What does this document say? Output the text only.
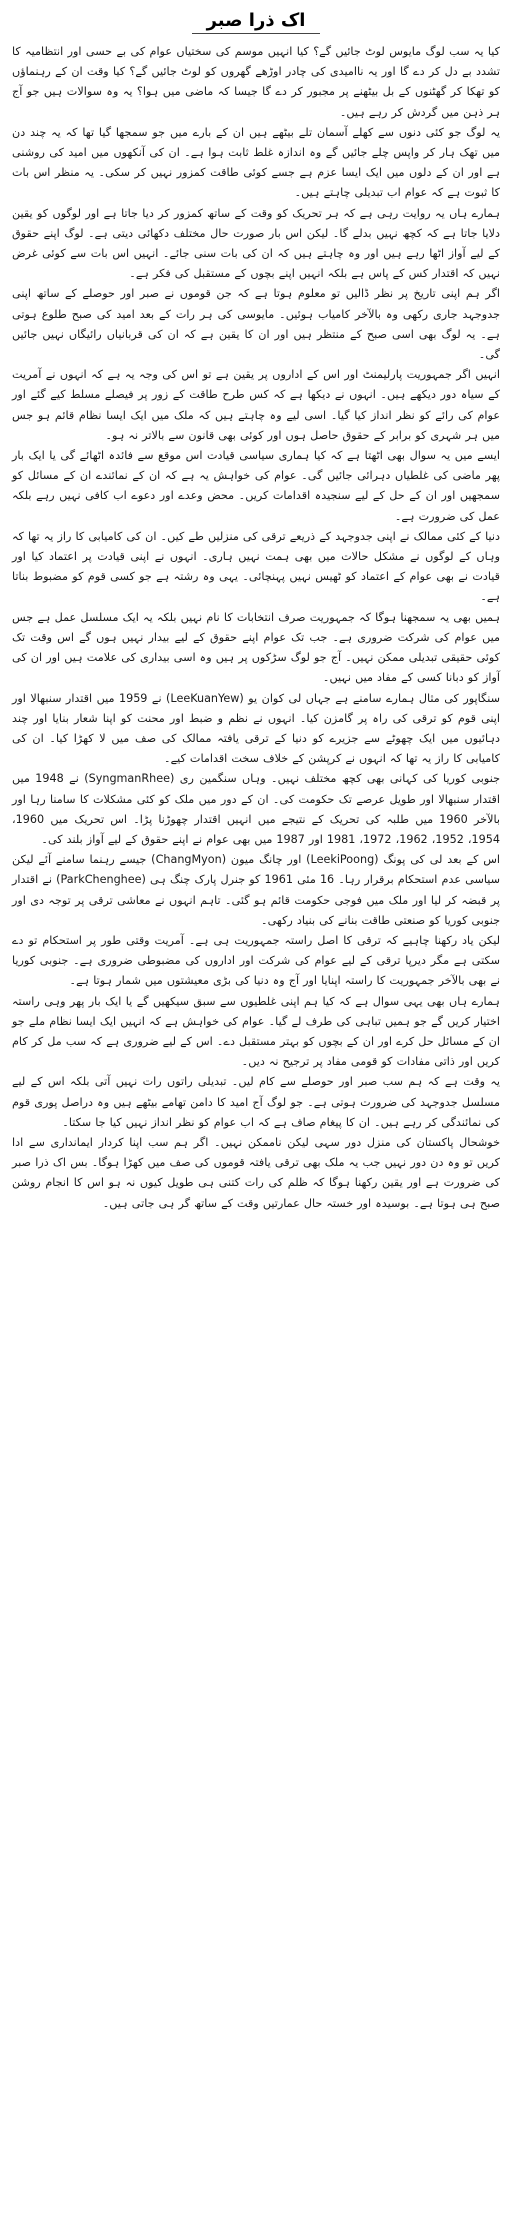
اک ذرا صبر

کیا یہ سب لوگ مایوس لوٹ جائیں گے؟ کیا انہیں موسم کی سختیاں عوام کی بے حسی اور انتظامیہ کا تشدد بے دل کر دے گا اور یہ ناامیدی کی چادر اوڑھے گھروں کو لوٹ جائیں گے؟ کیا وقت ان کے رہنماؤں کو تھکا کر گھٹنوں کے بل بیٹھنے پر مجبور کر دے گا جیسا کہ ماضی میں ہوا؟ یہ وہ سوالات ہیں جو آج ہر ذہن میں گردش کر رہے ہیں۔

یہ لوگ جو کئی دنوں سے کھلے آسمان تلے بیٹھے ہیں ان کے بارے میں جو سمجھا گیا تھا کہ یہ چند دن میں تھک ہار کر واپس چلے جائیں گے وہ اندازہ غلط ثابت ہوا ہے۔ ان کی آنکھوں میں امید کی روشنی ہے اور ان کے دلوں میں ایک ایسا عزم ہے جسے کوئی طاقت کمزور نہیں کر سکی۔ یہ منظر اس بات کا ثبوت ہے کہ عوام اب تبدیلی چاہتے ہیں۔

ہمارے ہاں یہ روایت رہی ہے کہ ہر تحریک کو وقت کے ساتھ کمزور کر دیا جاتا ہے اور لوگوں کو یقین دلایا جاتا ہے کہ کچھ نہیں بدلے گا۔ لیکن اس بار صورت حال مختلف دکھائی دیتی ہے۔ لوگ اپنے حقوق کے لیے آواز اٹھا رہے ہیں اور وہ چاہتے ہیں کہ ان کی بات سنی جائے۔ انہیں اس بات سے کوئی غرض نہیں کہ اقتدار کس کے پاس ہے بلکہ انہیں اپنے بچوں کے مستقبل کی فکر ہے۔

اگر ہم اپنی تاریخ پر نظر ڈالیں تو معلوم ہوتا ہے کہ جن قوموں نے صبر اور حوصلے کے ساتھ اپنی جدوجہد جاری رکھی وہ بالآخر کامیاب ہوئیں۔ مایوسی کی ہر رات کے بعد امید کی صبح طلوع ہوتی ہے۔ یہ لوگ بھی اسی صبح کے منتظر ہیں اور ان کا یقین ہے کہ ان کی قربانیاں رائیگاں نہیں جائیں گی۔

انہیں اگر جمہوریت پارلیمنٹ اور اس کے اداروں پر یقین ہے تو اس کی وجہ یہ ہے کہ انہوں نے آمریت کے سیاہ دور دیکھے ہیں۔ انہوں نے دیکھا ہے کہ کس طرح طاقت کے زور پر فیصلے مسلط کیے گئے اور عوام کی رائے کو نظر انداز کیا گیا۔ اسی لیے وہ چاہتے ہیں کہ ملک میں ایک ایسا نظام قائم ہو جس میں ہر شہری کو برابر کے حقوق حاصل ہوں اور کوئی بھی قانون سے بالاتر نہ ہو۔

ایسے میں یہ سوال بھی اٹھتا ہے کہ کیا ہماری سیاسی قیادت اس موقع سے فائدہ اٹھائے گی یا ایک بار پھر ماضی کی غلطیاں دہرائی جائیں گی۔ عوام کی خواہش یہ ہے کہ ان کے نمائندے ان کے مسائل کو سمجھیں اور ان کے حل کے لیے سنجیدہ اقدامات کریں۔ محض وعدے اور دعوے اب کافی نہیں رہے بلکہ عمل کی ضرورت ہے۔

دنیا کے کئی ممالک نے اپنی جدوجہد کے ذریعے ترقی کی منزلیں طے کیں۔ ان کی کامیابی کا راز یہ تھا کہ وہاں کے لوگوں نے مشکل حالات میں بھی ہمت نہیں ہاری۔ انہوں نے اپنی قیادت پر اعتماد کیا اور قیادت نے بھی عوام کے اعتماد کو ٹھیس نہیں پہنچائی۔ یہی وہ رشتہ ہے جو کسی قوم کو مضبوط بناتا ہے۔

ہمیں بھی یہ سمجھنا ہوگا کہ جمہوریت صرف انتخابات کا نام نہیں بلکہ یہ ایک مسلسل عمل ہے جس میں عوام کی شرکت ضروری ہے۔ جب تک عوام اپنے حقوق کے لیے بیدار نہیں ہوں گے اس وقت تک کوئی حقیقی تبدیلی ممکن نہیں۔ آج جو لوگ سڑکوں پر ہیں وہ اسی بیداری کی علامت ہیں اور ان کی آواز کو دبانا کسی کے مفاد میں نہیں۔

سنگاپور کی مثال ہمارے سامنے ہے جہاں لی کوان یو (LeeKuanYew) نے 1959 میں اقتدار سنبھالا اور اپنی قوم کو ترقی کی راہ پر گامزن کیا۔ انہوں نے نظم و ضبط اور محنت کو اپنا شعار بنایا اور چند دہائیوں میں ایک چھوٹے سے جزیرے کو دنیا کے ترقی یافتہ ممالک کی صف میں لا کھڑا کیا۔ ان کی کامیابی کا راز یہ تھا کہ انہوں نے کرپشن کے خلاف سخت اقدامات کیے۔

جنوبی کوریا کی کہانی بھی کچھ مختلف نہیں۔ وہاں سنگمین ری (SyngmanRhee) نے 1948 میں اقتدار سنبھالا اور طویل عرصے تک حکومت کی۔ ان کے دور میں ملک کو کئی مشکلات کا سامنا رہا اور بالآخر 1960 میں طلبہ کی تحریک کے نتیجے میں انہیں اقتدار چھوڑنا پڑا۔ اس تحریک میں 1960، 1954، 1952، 1962، 1972، 1981 اور 1987 میں بھی عوام نے اپنے حقوق کے لیے آواز بلند کی۔

اس کے بعد لی کی پونگ (LeekiPoong) اور چانگ میون (ChangMyon) جیسے رہنما سامنے آئے لیکن سیاسی عدم استحکام برقرار رہا۔ 16 مئی 1961 کو جنرل پارک چنگ ہی (ParkChenghee) نے اقتدار پر قبضہ کر لیا اور ملک میں فوجی حکومت قائم ہو گئی۔ تاہم انہوں نے معاشی ترقی پر توجہ دی اور جنوبی کوریا کو صنعتی طاقت بنانے کی بنیاد رکھی۔

لیکن یاد رکھنا چاہیے کہ ترقی کا اصل راستہ جمہوریت ہی ہے۔ آمریت وقتی طور پر استحکام تو دے سکتی ہے مگر دیرپا ترقی کے لیے عوام کی شرکت اور اداروں کی مضبوطی ضروری ہے۔ جنوبی کوریا نے بھی بالآخر جمہوریت کا راستہ اپنایا اور آج وہ دنیا کی بڑی معیشتوں میں شمار ہوتا ہے۔

ہمارے ہاں بھی یہی سوال ہے کہ کیا ہم اپنی غلطیوں سے سبق سیکھیں گے یا ایک بار پھر وہی راستہ اختیار کریں گے جو ہمیں تباہی کی طرف لے گیا۔ عوام کی خواہش ہے کہ انہیں ایک ایسا نظام ملے جو ان کے مسائل حل کرے اور ان کے بچوں کو بہتر مستقبل دے۔ اس کے لیے ضروری ہے کہ سب مل کر کام کریں اور ذاتی مفادات کو قومی مفاد پر ترجیح نہ دیں۔

یہ وقت ہے کہ ہم سب صبر اور حوصلے سے کام لیں۔ تبدیلی راتوں رات نہیں آتی بلکہ اس کے لیے مسلسل جدوجہد کی ضرورت ہوتی ہے۔ جو لوگ آج امید کا دامن تھامے بیٹھے ہیں وہ دراصل پوری قوم کی نمائندگی کر رہے ہیں۔ ان کا پیغام صاف ہے کہ اب عوام کو نظر انداز نہیں کیا جا سکتا۔

خوشحال پاکستان کی منزل دور سہی لیکن ناممکن نہیں۔ اگر ہم سب اپنا کردار ایمانداری سے ادا کریں تو وہ دن دور نہیں جب یہ ملک بھی ترقی یافتہ قوموں کی صف میں کھڑا ہوگا۔ بس اک ذرا صبر کی ضرورت ہے اور یقین رکھنا ہوگا کہ ظلم کی رات کتنی ہی طویل کیوں نہ ہو اس کا انجام روشن صبح ہی ہوتا ہے۔ بوسیدہ اور خستہ حال عمارتیں وقت کے ساتھ گر ہی جاتی ہیں۔
